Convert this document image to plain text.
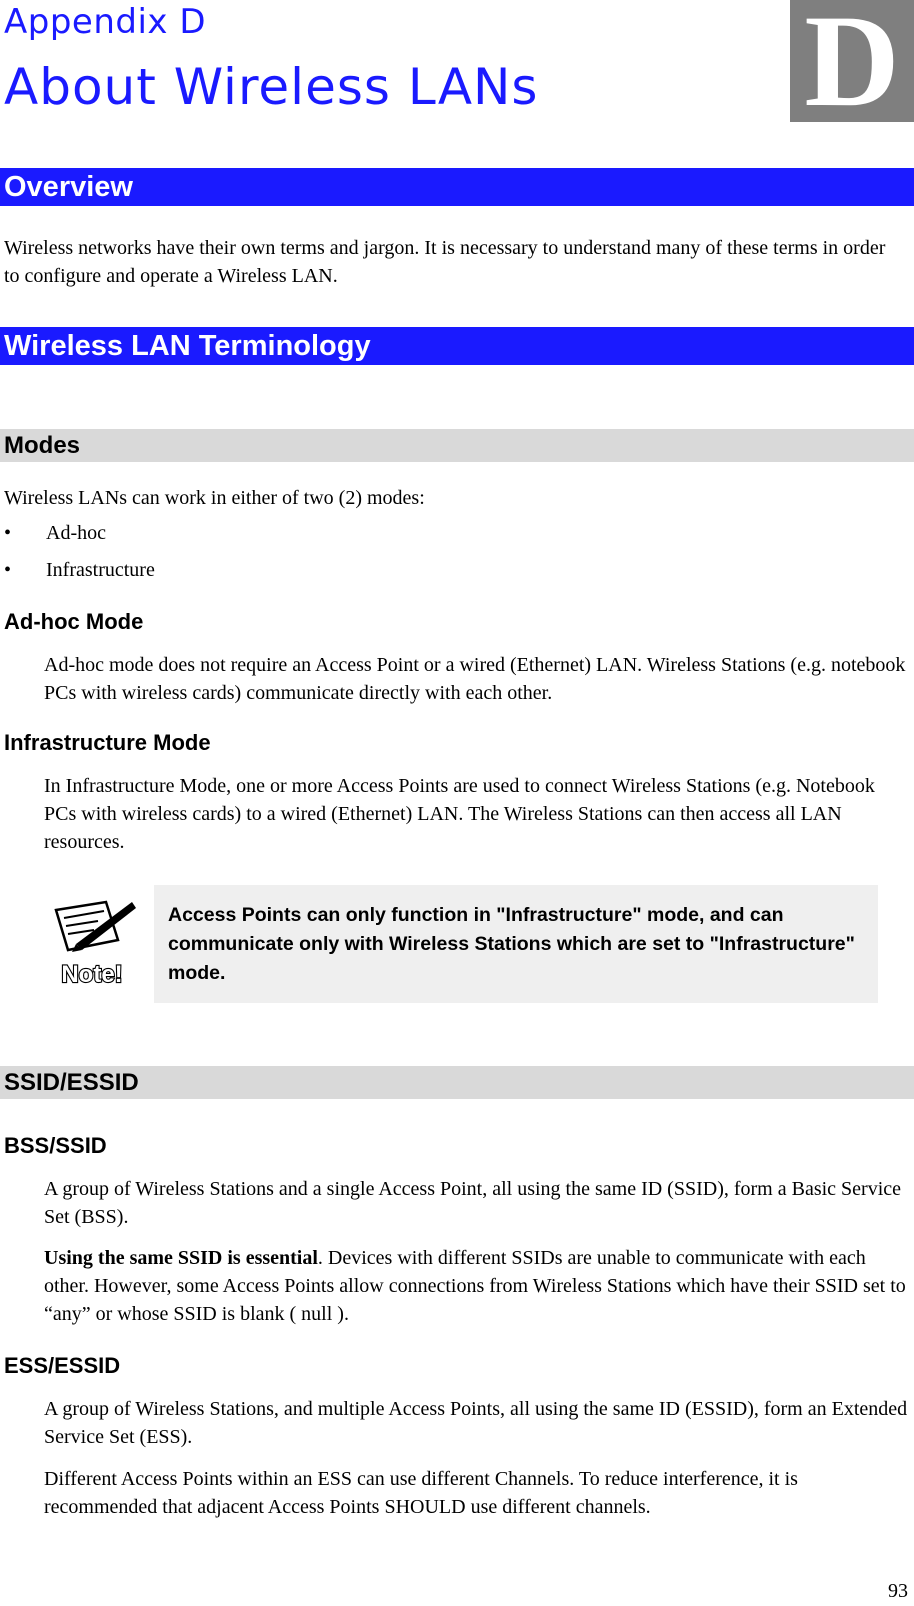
Appendix D
About Wireless LANs D
Overview
Wireless networks have their own terms and jargon. It is necessary to understand many of these terms in order to configure and operate a Wireless LAN.
Wireless LAN Terminology
Modes
Wireless LANs can work in either of two (2) modes:
• Ad-hoc
• Infrastructure
Ad-hoc Mode
Ad-hoc mode does not require an Access Point or a wired (Ethernet) LAN. Wireless Stations (e.g. notebook PCs with wireless cards) communicate directly with each other.
Infrastructure Mode
In Infrastructure Mode, one or more Access Points are used to connect Wireless Stations (e.g. Notebook PCs with wireless cards) to a wired (Ethernet) LAN. The Wireless Stations can then access all LAN resources.
Note!
Access Points can only function in "Infrastructure" mode, and can communicate only with Wireless Stations which are set to "Infrastructure" mode.
SSID/ESSID
BSS/SSID
A group of Wireless Stations and a single Access Point, all using the same ID (SSID), form a Basic Service Set (BSS).
Using the same SSID is essential. Devices with different SSIDs are unable to communicate with each other. However, some Access Points allow connections from Wireless Stations which have their SSID set to “any” or whose SSID is blank ( null ).
ESS/ESSID
A group of Wireless Stations, and multiple Access Points, all using the same ID (ESSID), form an Extended Service Set (ESS).
Different Access Points within an ESS can use different Channels. To reduce interference, it is recommended that adjacent Access Points SHOULD use different channels.
93
